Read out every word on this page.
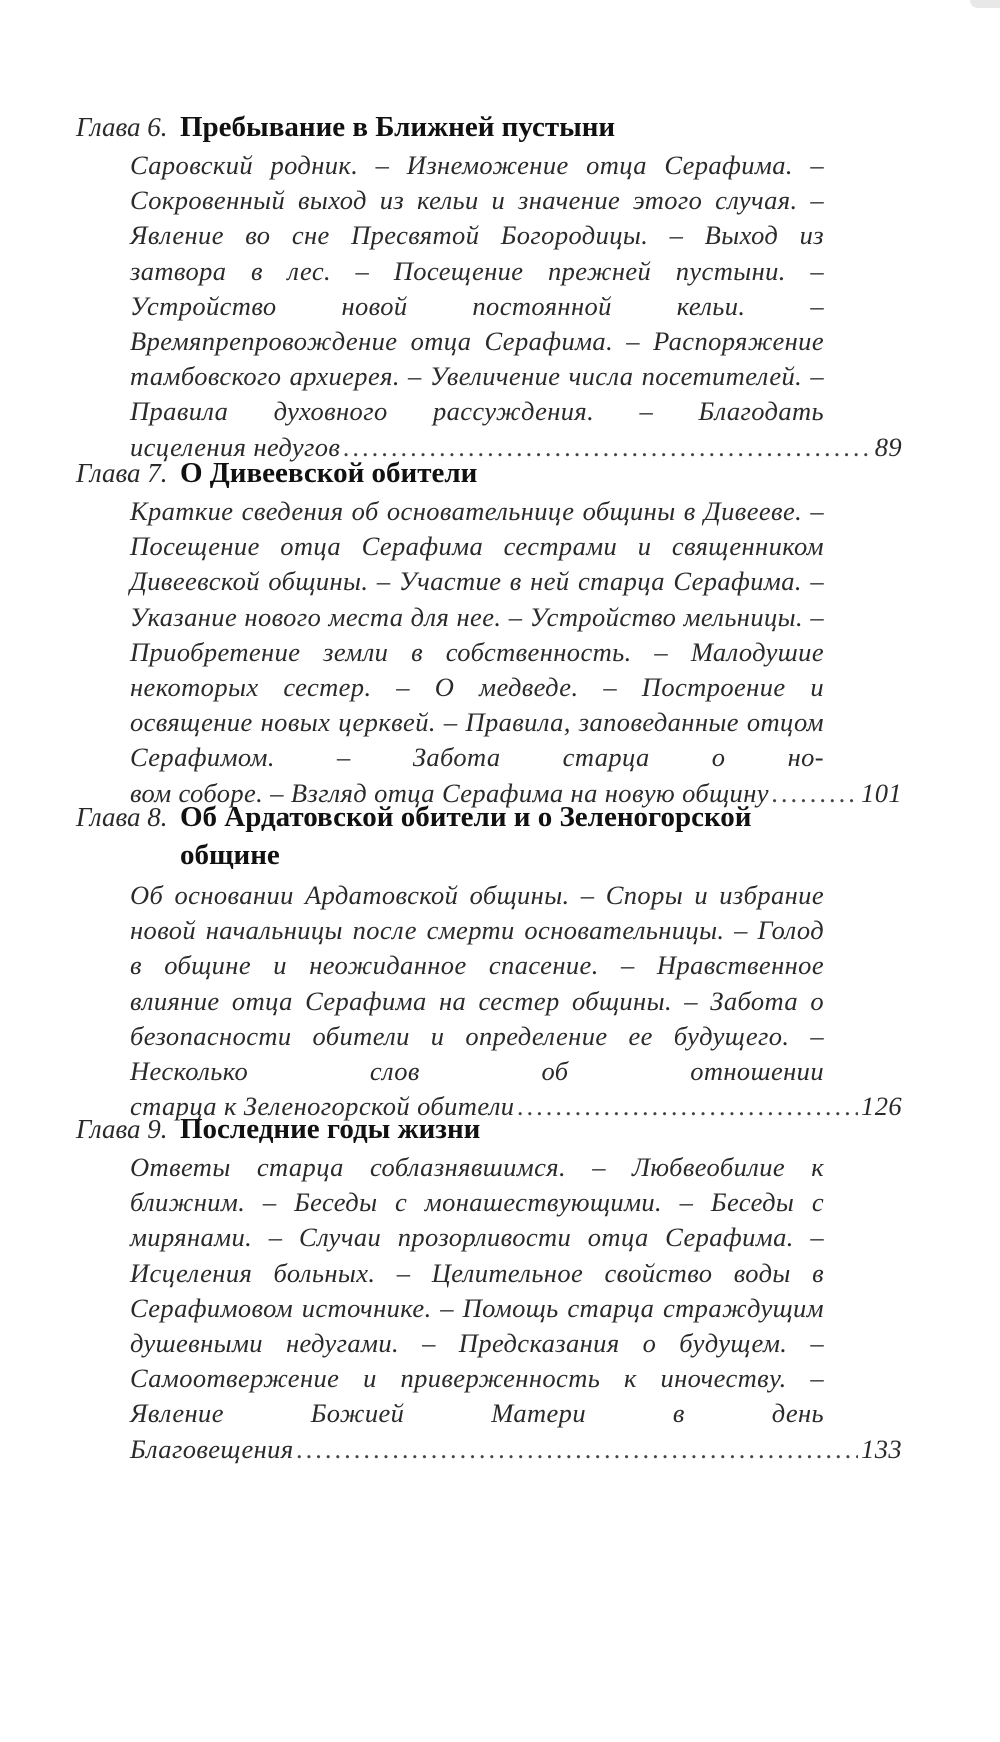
Глава 6. Пребывание в Ближней пустыни
Саровский родник. – Изнеможение отца Серафима. – Сокровенный выход из кельи и значение этого случая. – Явление во сне Пресвятой Богородицы. – Выход из затвора в лес. – Посещение прежней пустыни. – Устройство новой постоянной кельи. – Времяпрепровождение отца Серафима. – Распоряжение тамбовского архиерея. – Увеличение числа посетителей. – Правила духовного рассуждения. – Благодать
исцеления недугов .....	89
Глава 7. О Дивеевской обители
Краткие сведения об основательнице общины в Дивееве. – Посещение отца Серафима сестрами и священником Дивеевской общины. – Участие в ней старца Серафима. – Указание нового места для нее. – Устройство мельницы. – Приобретение земли в собственность. – Малодушие некоторых сестер. – О медведе. – Построение и освящение новых церквей. – Правила, заповеданные отцом Серафимом. – Забота старца о но-
вом соборе. – Взгляд отца Серафима на новую общину .....	101
Глава 8. Об Ардатовской обители и о Зеленогорской общине
Об основании Ардатовской общины. – Споры и избрание новой начальницы после смерти основательницы. – Голод в общине и неожиданное спасение. – Нравственное влияние отца Серафима на сестер общины. – Забота о безопасности обители и определение ее будущего. – Несколько слов об отношении
старца к Зеленогорской обители .....	126
Глава 9. Последние годы жизни
Ответы старца соблазнявшимся. – Любвеобилие к ближним. – Беседы с монашествующими. – Беседы с мирянами. – Случаи прозорливости отца Серафима. – Исцеления больных. – Целительное свойство воды в Серафимовом источнике. – Помощь старца страждущим душевными недугами. – Предсказания о будущем. – Самоотвержение и приверженность к иночеству. – Явление Божией Матери в день
Благовещения .....	133
